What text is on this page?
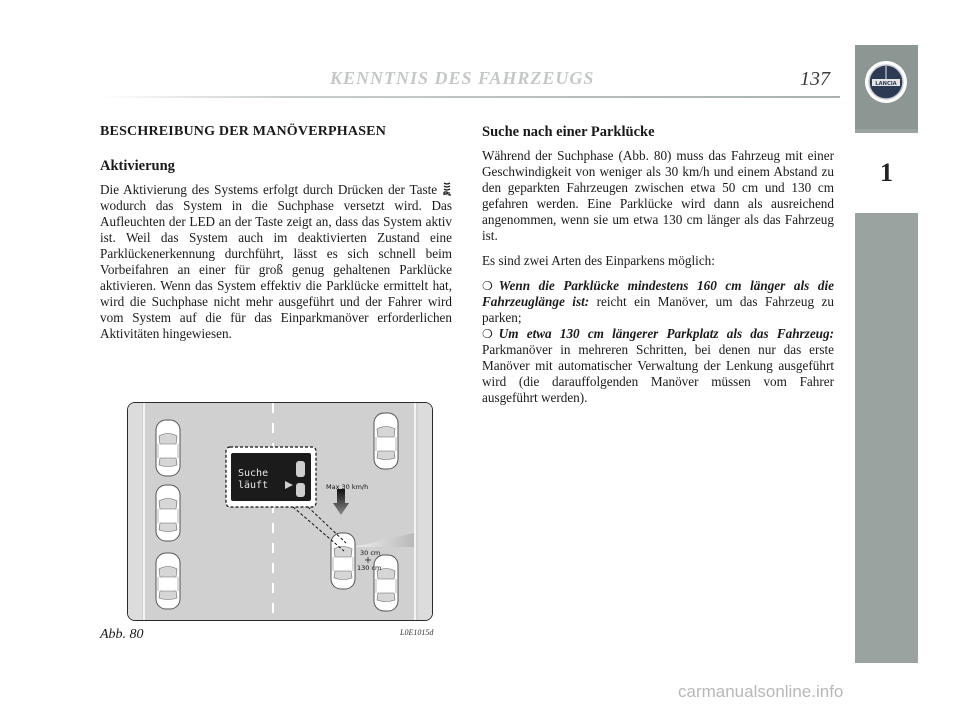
KENNTNIS DES FAHRZEUGS	137	LANCIA
1
BESCHREIBUNG DER MANÖVERPHASEN
Aktivierung

Die Aktivierung des Systems erfolgt durch Drücken der Taste  wodurch das System in die Suchphase versetzt wird. Das Aufleuchten der LED an der Taste zeigt an, dass das System aktiv ist. Weil das System auch im deaktivierten Zustand eine Parklückenerkennung durchführt, lässt es sich schnell beim Vorbeifahren an einer für groß genug gehaltenen Parklücke aktivieren. Wenn das System effektiv die Parklücke ermittelt hat, wird die Suchphase nicht mehr ausgeführt und der Fahrer wird vom System auf die für das Einparkmanöver erforderlichen Aktivitäten hingewiesen.

Suche nach einer Parklücke

Während der Suchphase (Abb. 80) muss das Fahrzeug mit einer Geschwindigkeit von weniger als 30 km/h und einem Abstand zu den geparkten Fahrzeugen zwischen etwa 50 cm und 130 cm gefahren werden. Eine Parklücke wird dann als ausreichend angenommen, wenn sie um etwa 130 cm länger als das Fahrzeug ist.

Es sind zwei Arten des Einparkens möglich:

❍ Wenn die Parklücke mindestens 160 cm länger als die Fahrzeuglänge ist: reicht ein Manöver, um das Fahrzeug zu parken;
❍ Um etwa 130 cm längerer Parkplatz als das Fahrzeug: Parkmanöver in mehreren Schritten, bei denen nur das erste Manöver mit automatischer Verwaltung der Lenkung ausgeführt wird (die darauffolgenden Manöver müssen vom Fahrer ausgeführt werden).
Suche
läuft	Max 30 km/h
30 cm
130 cm
Abb. 80	L0E1015d
carmanualsonline.info
